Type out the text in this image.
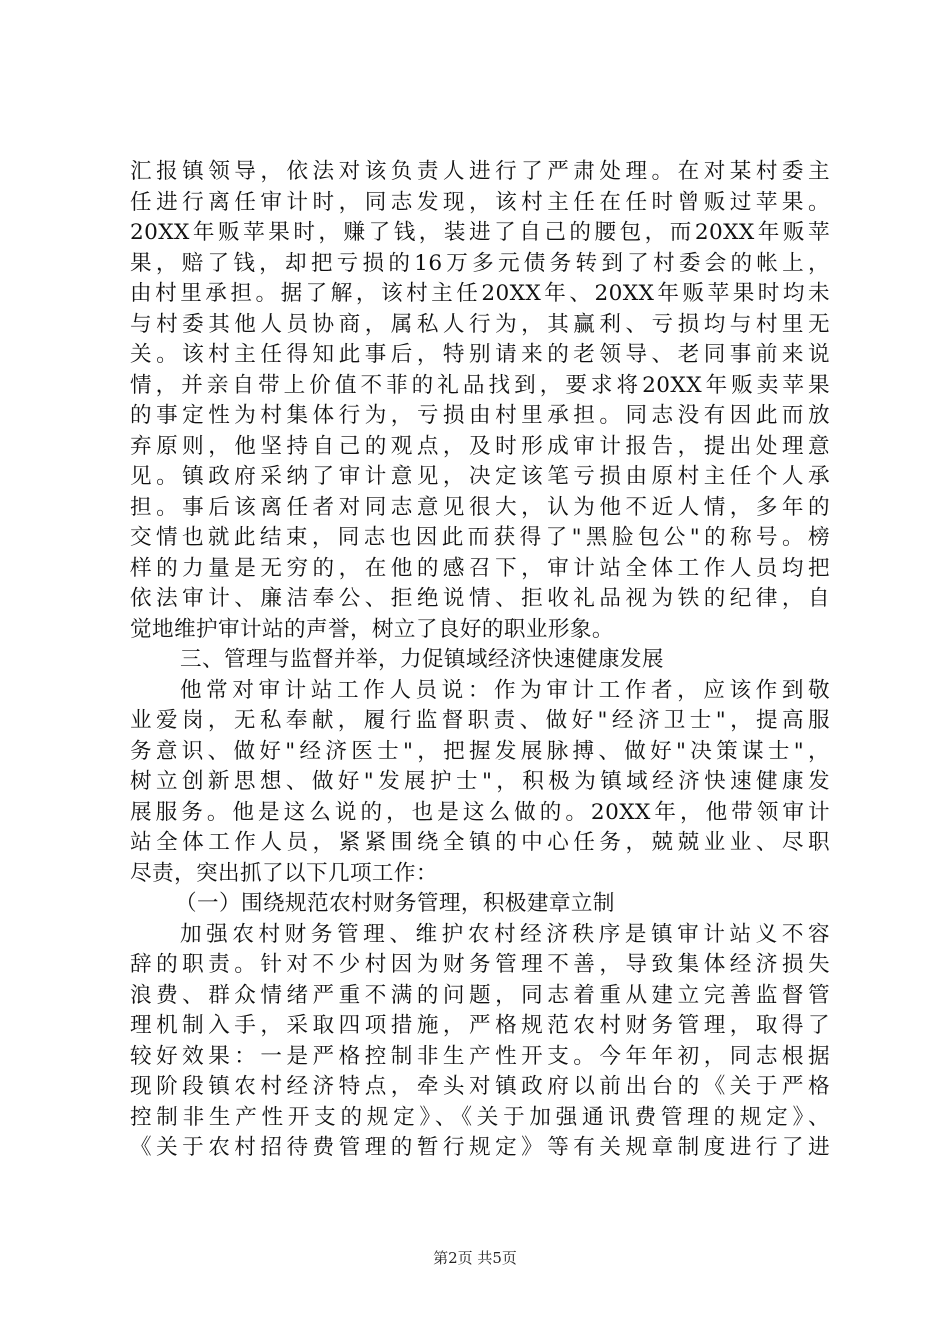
汇报镇领导，依法对该负责人进行了严肃处理。在对某村委主
任进行离任审计时，同志发现，该村主任在任时曾贩过苹果。
20XX年贩苹果时，赚了钱，装进了自己的腰包，而20XX年贩苹
果，赔了钱，却把亏损的16万多元债务转到了村委会的帐上，
由村里承担。据了解，该村主任20XX年、20XX年贩苹果时均未
与村委其他人员协商，属私人行为，其赢利、亏损均与村里无
关。该村主任得知此事后，特别请来的老领导、老同事前来说
情，并亲自带上价值不菲的礼品找到，要求将20XX年贩卖苹果
的事定性为村集体行为，亏损由村里承担。同志没有因此而放
弃原则，他坚持自己的观点，及时形成审计报告，提出处理意
见。镇政府采纳了审计意见，决定该笔亏损由原村主任个人承
担。事后该离任者对同志意见很大，认为他不近人情，多年的
交情也就此结束，同志也因此而获得了"黑脸包公"的称号。榜
样的力量是无穷的，在他的感召下，审计站全体工作人员均把
依法审计、廉洁奉公、拒绝说情、拒收礼品视为铁的纪律，自
觉地维护审计站的声誉，树立了良好的职业形象。
三、管理与监督并举，力促镇域经济快速健康发展
他常对审计站工作人员说：作为审计工作者，应该作到敬
业爱岗，无私奉献，履行监督职责、做好"经济卫士"，提高服
务意识、做好"经济医士"，把握发展脉搏、做好"决策谋士"，
树立创新思想、做好"发展护士"，积极为镇域经济快速健康发
展服务。他是这么说的，也是这么做的。20XX年，他带领审计
站全体工作人员，紧紧围绕全镇的中心任务，兢兢业业、尽职
尽责，突出抓了以下几项工作：
（一）围绕规范农村财务管理，积极建章立制
加强农村财务管理、维护农村经济秩序是镇审计站义不容
辞的职责。针对不少村因为财务管理不善，导致集体经济损失
浪费、群众情绪严重不满的问题，同志着重从建立完善监督管
理机制入手，采取四项措施，严格规范农村财务管理，取得了
较好效果：一是严格控制非生产性开支。今年年初，同志根据
现阶段镇农村经济特点，牵头对镇政府以前出台的《关于严格
控制非生产性开支的规定》、《关于加强通讯费管理的规定》、
《关于农村招待费管理的暂行规定》等有关规章制度进行了进
第2页 共5页
